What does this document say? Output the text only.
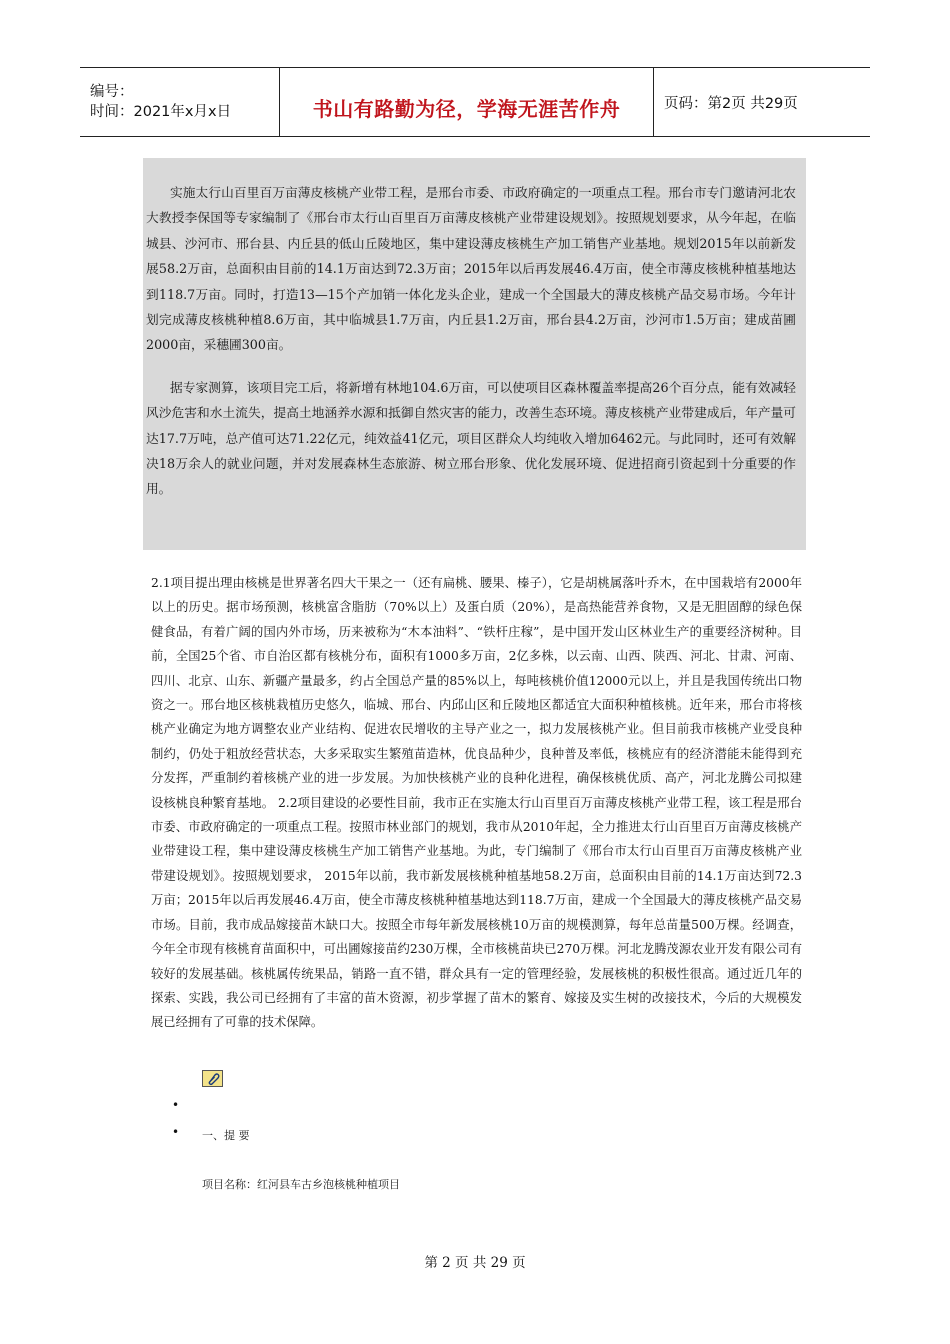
编号：
时间：2021年x月x日	书山有路勤为径，学海无涯苦作舟	页码：第2页 共29页

实施太行山百里百万亩薄皮核桃产业带工程，是邢台市委、市政府确定的一项重点工程。邢台市专门邀请河北农大教授李保国等专家编制了《邢台市太行山百里百万亩薄皮核桃产业带建设规划》。按照规划要求，从今年起，在临城县、沙河市、邢台县、内丘县的低山丘陵地区，集中建设薄皮核桃生产加工销售产业基地。规划2015年以前新发展58.2万亩，总面积由目前的14.1万亩达到72.3万亩；2015年以后再发展46.4万亩，使全市薄皮核桃种植基地达到118.7万亩。同时，打造13—15个产加销一体化龙头企业，建成一个全国最大的薄皮核桃产品交易市场。今年计划完成薄皮核桃种植8.6万亩，其中临城县1.7万亩，内丘县1.2万亩，邢台县4.2万亩，沙河市1.5万亩；建成苗圃2000亩，采穗圃300亩。

据专家测算，该项目完工后，将新增有林地104.6万亩，可以使项目区森林覆盖率提高26个百分点，能有效减轻风沙危害和水土流失，提高土地涵养水源和抵御自然灾害的能力，改善生态环境。薄皮核桃产业带建成后，年产量可达17.7万吨，总产值可达71.22亿元，纯效益41亿元，项目区群众人均纯收入增加6462元。与此同时，还可有效解决18万余人的就业问题，并对发展森林生态旅游、树立邢台形象、优化发展环境、促进招商引资起到十分重要的作用。

2.1项目提出理由核桃是世界著名四大干果之一（还有扁桃、腰果、榛子），它是胡桃属落叶乔木，在中国栽培有2000年以上的历史。据市场预测，核桃富含脂肪（70%以上）及蛋白质（20%），是高热能营养食物，又是无胆固醇的绿色保健食品，有着广阔的国内外市场，历来被称为“木本油料”、“铁杆庄稼”，是中国开发山区林业生产的重要经济树种。目前，全国25个省、市自治区都有核桃分布，面积有1000多万亩，2亿多株，以云南、山西、陕西、河北、甘肃、河南、四川、北京、山东、新疆产量最多，约占全国总产量的85%以上，每吨核桃价值12000元以上，并且是我国传统出口物资之一。邢台地区核桃栽植历史悠久，临城、邢台、内邱山区和丘陵地区都适宜大面积种植核桃。近年来，邢台市将核桃产业确定为地方调整农业产业结构、促进农民增收的主导产业之一，拟力发展核桃产业。但目前我市核桃产业受良种制约，仍处于粗放经营状态，大多采取实生繁殖苗造林，优良品种少，良种普及率低，核桃应有的经济潜能未能得到充分发挥，严重制约着核桃产业的进一步发展。为加快核桃产业的良种化进程，确保核桃优质、高产，河北龙腾公司拟建设核桃良种繁育基地。 2.2项目建设的必要性目前，我市正在实施太行山百里百万亩薄皮核桃产业带工程，该工程是邢台市委、市政府确定的一项重点工程。按照市林业部门的规划，我市从2010年起，全力推进太行山百里百万亩薄皮核桃产业带建设工程，集中建设薄皮核桃生产加工销售产业基地。为此，专门编制了《邢台市太行山百里百万亩薄皮核桃产业带建设规划》。按照规划要求， 2015年以前，我市新发展核桃种植基地58.2万亩，总面积由目前的14.1万亩达到72.3万亩；2015年以后再发展46.4万亩，使全市薄皮核桃种植基地达到118.7万亩，建成一个全国最大的薄皮核桃产品交易市场。目前，我市成品嫁接苗木缺口大。按照全市每年新发展核桃10万亩的规模测算，每年总苗量500万棵。经调查，今年全市现有核桃育苗面积中，可出圃嫁接苗约230万棵，全市核桃苗块已270万棵。河北龙腾茂源农业开发有限公司有较好的发展基础。核桃属传统果品，销路一直不错，群众具有一定的管理经验，发展核桃的积极性很高。通过近几年的探索、实践，我公司已经拥有了丰富的苗木资源，初步掌握了苗木的繁育、嫁接及实生树的改接技术，今后的大规模发展已经拥有了可靠的技术保障。

•
• 一、提 要
项目名称：红河县车古乡泡核桃种植项目
第 2 页 共 29 页
